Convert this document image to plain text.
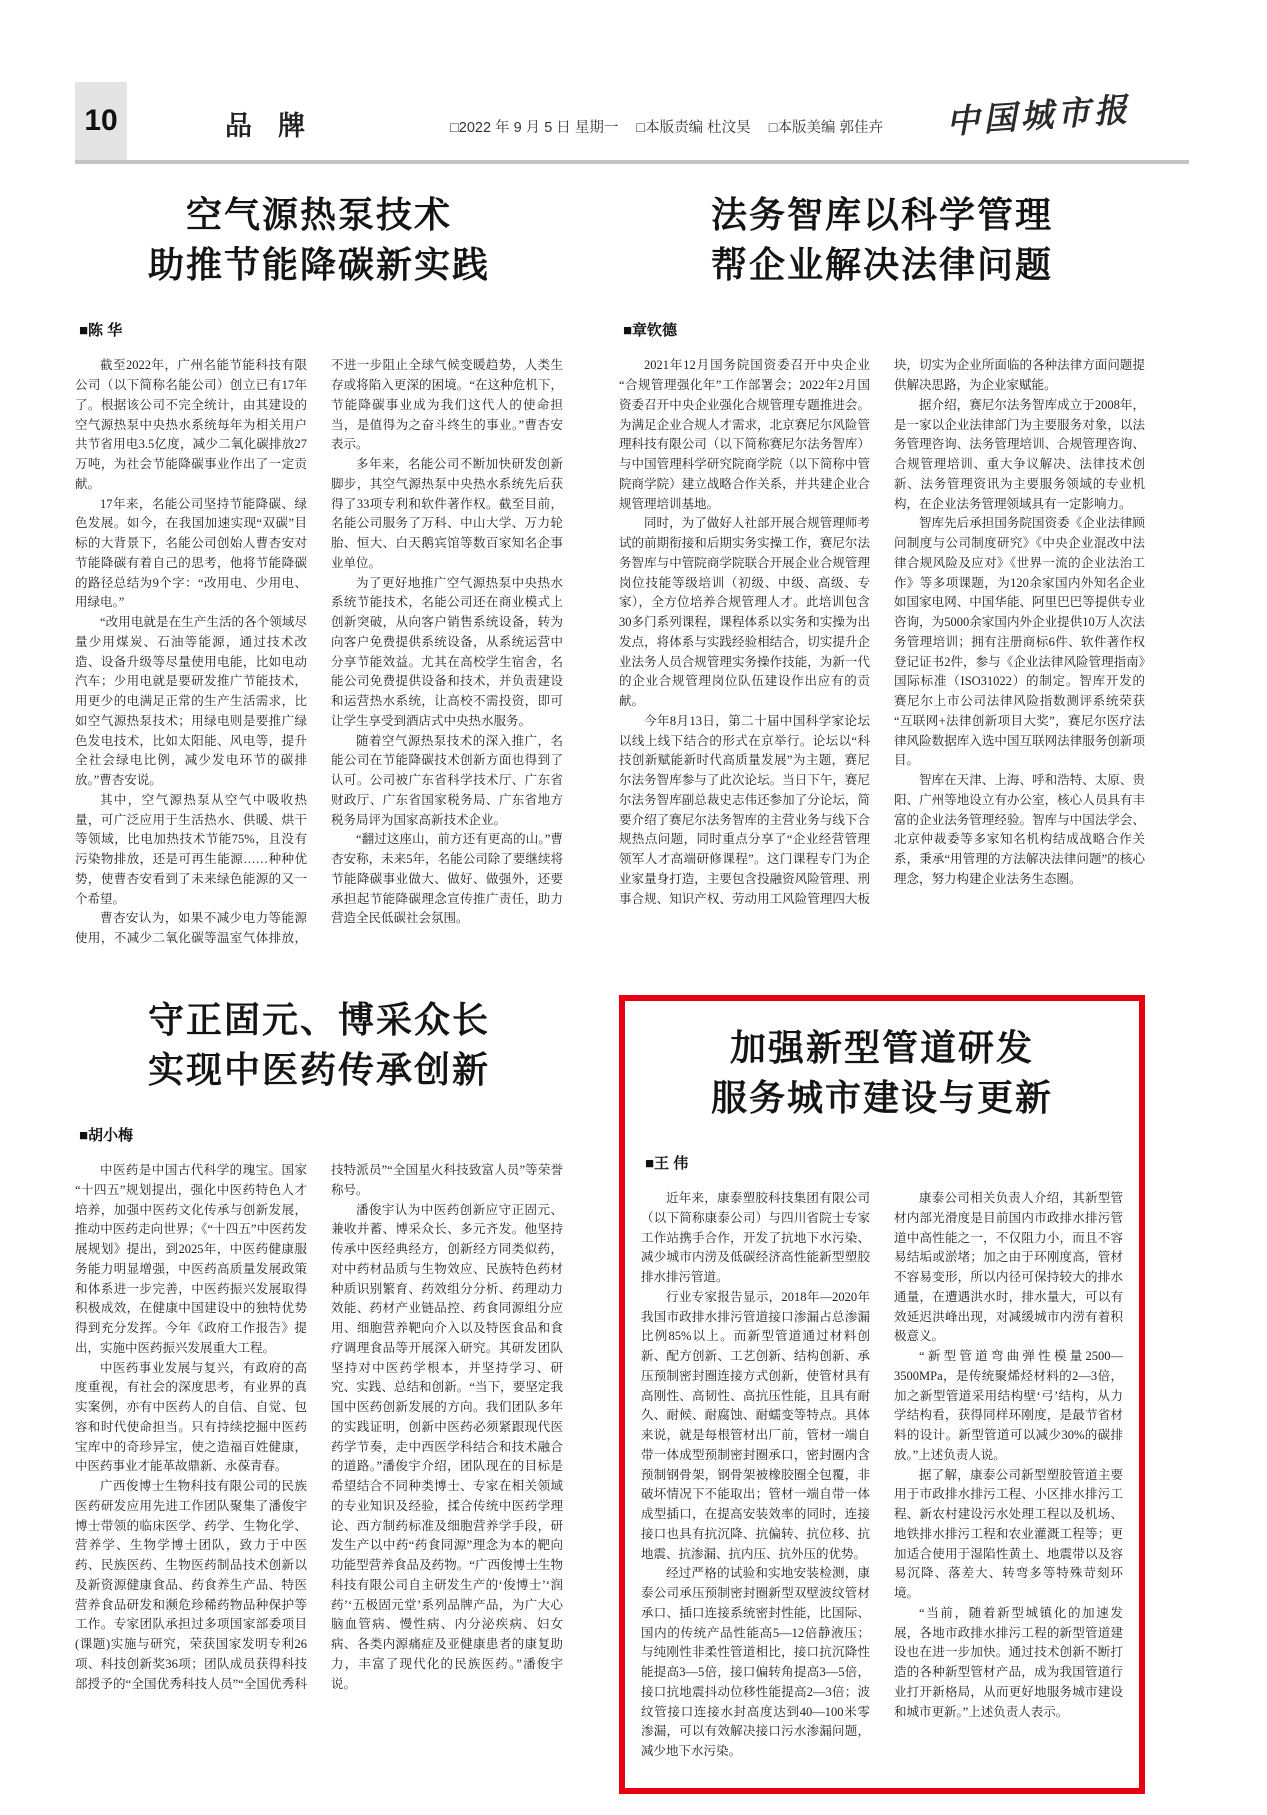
10	品牌	□2022 年 9 月 5 日 星期一 □本版责编 杜汶昊 □本版美编 郭佳卉	中国城市报
空气源热泵技术
助推节能降碳新实践
■陈 华

截至2022年，广州名能节能科技有限公司（以下简称名能公司）创立已有17年了。根据该公司不完全统计，由其建设的空气源热泵中央热水系统每年为相关用户共节省用电3.5亿度，减少二氧化碳排放27万吨，为社会节能降碳事业作出了一定贡献。

17年来，名能公司坚持节能降碳、绿色发展。如今，在我国加速实现“双碳”目标的大背景下，名能公司创始人曹杏安对节能降碳有着自己的思考，他将节能降碳的路径总结为9个字：“改用电、少用电、用绿电。”

“改用电就是在生产生活的各个领域尽量少用煤炭、石油等能源，通过技术改造、设备升级等尽量使用电能，比如电动汽车；少用电就是要研发推广节能技术，用更少的电满足正常的生产生活需求，比如空气源热泵技术；用绿电则是要推广绿色发电技术，比如太阳能、风电等，提升全社会绿电比例，减少发电环节的碳排放。”曹杏安说。

其中，空气源热泵从空气中吸收热量，可广泛应用于生活热水、供暖、烘干等领域，比电加热技术节能75%，且没有污染物排放，还是可再生能源……种种优势，使曹杏安看到了未来绿色能源的又一个希望。

曹杏安认为，如果不减少电力等能源使用，不减少二氧化碳等温室气体排放，不进一步阻止全球气候变暖趋势，人类生存或将陷入更深的困境。“在这种危机下，节能降碳事业成为我们这代人的使命担当，是值得为之奋斗终生的事业。”曹杏安表示。

多年来，名能公司不断加快研发创新脚步，其空气源热泵中央热水系统先后获得了33项专利和软件著作权。截至目前，名能公司服务了万科、中山大学、万力轮胎、恒大、白天鹅宾馆等数百家知名企事业单位。

为了更好地推广空气源热泵中央热水系统节能技术，名能公司还在商业模式上创新突破，从向客户销售系统设备，转为向客户免费提供系统设备，从系统运营中分享节能效益。尤其在高校学生宿舍，名能公司免费提供设备和技术，并负责建设和运营热水系统，让高校不需投资，即可让学生享受到酒店式中央热水服务。

随着空气源热泵技术的深入推广，名能公司在节能降碳技术创新方面也得到了认可。公司被广东省科学技术厅、广东省财政厅、广东省国家税务局、广东省地方税务局评为国家高新技术企业。

“翻过这座山，前方还有更高的山。”曹杏安称，未来5年，名能公司除了要继续将节能降碳事业做大、做好、做强外，还要承担起节能降碳理念宣传推广责任，助力营造全民低碳社会氛围。

法务智库以科学管理
帮企业解决法律问题
■章钦德

2021年12月国务院国资委召开中央企业“合规管理强化年”工作部署会；2022年2月国资委召开中央企业强化合规管理专题推进会。为满足企业合规人才需求，北京赛尼尔风险管理科技有限公司（以下简称赛尼尔法务智库）与中国管理科学研究院商学院（以下简称中管院商学院）建立战略合作关系，并共建企业合规管理培训基地。

同时，为了做好人社部开展合规管理师考试的前期衔接和后期实务实操工作，赛尼尔法务智库与中管院商学院联合开展企业合规管理岗位技能等级培训（初级、中级、高级、专家），全方位培养合规管理人才。此培训包含30多门系列课程，课程体系以实务和实操为出发点，将体系与实践经验相结合，切实提升企业法务人员合规管理实务操作技能，为新一代的企业合规管理岗位队伍建设作出应有的贡献。

今年8月13日，第二十届中国科学家论坛以线上线下结合的形式在京举行。论坛以“科技创新赋能新时代高质量发展”为主题，赛尼尔法务智库参与了此次论坛。当日下午，赛尼尔法务智库副总裁史志伟还参加了分论坛，简要介绍了赛尼尔法务智库的主营业务与线下合规热点问题，同时重点分享了“企业经营管理领军人才高端研修课程”。这门课程专门为企业家量身打造，主要包含投融资风险管理、刑事合规、知识产权、劳动用工风险管理四大板块，切实为企业所面临的各种法律方面问题提供解决思路，为企业家赋能。

据介绍，赛尼尔法务智库成立于2008年，是一家以企业法律部门为主要服务对象，以法务管理咨询、法务管理培训、合规管理咨询、合规管理培训、重大争议解决、法律技术创新、法务管理资讯为主要服务领域的专业机构，在企业法务管理领域具有一定影响力。

智库先后承担国务院国资委《企业法律顾问制度与公司制度研究》《中央企业混改中法律合规风险及应对》《世界一流的企业法治工作》等多项课题，为120余家国内外知名企业如国家电网、中国华能、阿里巴巴等提供专业咨询，为5000余家国内外企业提供10万人次法务管理培训；拥有注册商标6件、软件著作权登记证书2件，参与《企业法律风险管理指南》国际标准（ISO31022）的制定。智库开发的赛尼尔上市公司法律风险指数测评系统荣获“互联网+法律创新项目大奖”，赛尼尔医疗法律风险数据库入选中国互联网法律服务创新项目。

智库在天津、上海、呼和浩特、太原、贵阳、广州等地设立有办公室，核心人员具有丰富的企业法务管理经验。智库与中国法学会、北京仲裁委等多家知名机构结成战略合作关系，秉承“用管理的方法解决法律问题”的核心理念，努力构建企业法务生态圈。

守正固元、博采众长
实现中医药传承创新
■胡小梅

中医药是中国古代科学的瑰宝。国家“十四五”规划提出，强化中医药特色人才培养，加强中医药文化传承与创新发展，推动中医药走向世界；《“十四五”中医药发展规划》提出，到2025年，中医药健康服务能力明显增强，中医药高质量发展政策和体系进一步完善，中医药振兴发展取得积极成效，在健康中国建设中的独特优势得到充分发挥。今年《政府工作报告》提出，实施中医药振兴发展重大工程。

中医药事业发展与复兴，有政府的高度重视，有社会的深度思考，有业界的真实案例，亦有中医药人的自信、自觉、包容和时代使命担当。只有持续挖掘中医药宝库中的奇珍异宝，使之造福百姓健康，中医药事业才能革故鼎新、永葆青春。

广西俊博士生物科技有限公司的民族医药研发应用先进工作团队聚集了潘俊宇博士带领的临床医学、药学、生物化学、营养学、生物学博士团队，致力于中医药、民族医药、生物医药制品技术创新以及新资源健康食品、药食养生产品、特医营养食品研发和濒危珍稀药物品种保护等工作。专家团队承担过多项国家部委项目(课题)实施与研究，荣获国家发明专利26项、科技创新奖36项；团队成员获得科技部授予的“全国优秀科技人员”“全国优秀科技特派员”“全国星火科技致富人员”等荣誉称号。

潘俊宇认为中医药创新应守正固元、兼收并蓄、博采众长、多元齐发。他坚持传承中医经典经方，创新经方同类似药，对中药材品质与生物效应、民族特色药材种质识别繁育、药效组分分析、药理动力效能、药材产业链品控、药食同源组分应用、细胞营养靶向介入以及特医食品和食疗调理食品等开展深入研究。其研发团队坚持对中医药学根本，并坚持学习、研究、实践、总结和创新。“当下，要坚定我国中医药创新发展的方向。我们团队多年的实践证明，创新中医药必须紧跟现代医药学节奏，走中西医学科结合和技术融合的道路。”潘俊宇介绍，团队现在的目标是希望结合不同种类博士、专家在相关领域的专业知识及经验，揉合传统中医药学理论、西方制药标准及细胞营养学手段，研发生产以中药“药食同源”理念为本的靶向功能型营养食品及药物。“广西俊博士生物科技有限公司自主研发生产的‘俊博士’‘润药’‘五极固元堂’系列品牌产品，为广大心脑血管病、慢性病、内分泌疾病、妇女病、各类内源痛症及亚健康患者的康复助力，丰富了现代化的民族医药。”潘俊宇说。

加强新型管道研发
服务城市建设与更新
■王 伟

近年来，康泰塑胶科技集团有限公司（以下简称康泰公司）与四川省院士专家工作站携手合作，开发了抗地下水污染、减少城市内涝及低碳经济高性能新型塑胶排水排污管道。

行业专家报告显示，2018年—2020年我国市政排水排污管道接口渗漏占总渗漏比例85%以上。而新型管道通过材料创新、配方创新、工艺创新、结构创新、承压预制密封圈连接方式创新，使管材具有高刚性、高韧性、高抗压性能，且具有耐久、耐候、耐腐蚀、耐蠕变等特点。具体来说，就是每根管材出厂前，管材一端自带一体成型预制密封圈承口，密封圈内含预制钢骨架，钢骨架被橡胶圈全包覆，非破坏情况下不能取出；管材一端自带一体成型插口，在提高安装效率的同时，连接接口也具有抗沉降、抗偏转、抗位移、抗地震、抗渗漏、抗内压、抗外压的优势。

经过严格的试验和实地安装检测，康泰公司承压预制密封圈新型双壁波纹管材承口、插口连接系统密封性能，比国际、国内的传统产品性能高5—12倍静液压；与纯刚性非柔性管道相比，接口抗沉降性能提高3—5倍，接口偏转角提高3—5倍，接口抗地震抖动位移性能提高2—3倍；波纹管接口连接水封高度达到40—100米零渗漏，可以有效解决接口污水渗漏问题，减少地下水污染。

康泰公司相关负责人介绍，其新型管材内部光滑度是目前国内市政排水排污管道中高性能之一，不仅阻力小，而且不容易结垢或淤堵；加之由于环刚度高，管材不容易变形，所以内径可保持较大的排水通量，在遭遇洪水时，排水量大，可以有效延迟洪峰出现，对减缓城市内涝有着积极意义。

“新型管道弯曲弹性模量2500—3500MPa，是传统聚烯烃材料的2—3倍，加之新型管道采用结构壁‘弓’结构，从力学结构看，获得同样环刚度，是最节省材料的设计。新型管道可以减少30%的碳排放。”上述负责人说。

据了解，康泰公司新型塑胶管道主要用于市政排水排污工程、小区排水排污工程、新农村建设污水处理工程以及机场、地铁排水排污工程和农业灌溉工程等；更加适合使用于湿陷性黄土、地震带以及容易沉降、落差大、转弯多等特殊苛刻环境。

“当前，随着新型城镇化的加速发展，各地市政排水排污工程的新型管道建设也在进一步加快。通过技术创新不断打造的各种新型管材产品，成为我国管道行业打开新格局，从而更好地服务城市建设和城市更新。”上述负责人表示。
